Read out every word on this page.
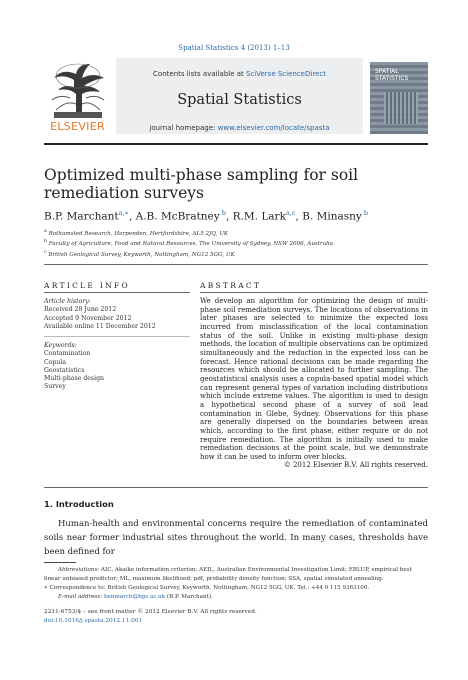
Spatial Statistics 4 (2013) 1–13
ELSEVIER
Contents lists available at SciVerse ScienceDirect
Spatial Statistics
journal homepage: www.elsevier.com/locate/spasta
SPATIAL
STATISTICS
Optimized multi-phase sampling for soil remediation surveys
B.P. Marchant$^{a,∗}$, A.B. McBratney $^b$, R.M. Lark$^{a,c}$, B. Minasny $^b$
$^a$ Rothamsted Research, Harpenden, Hertfordshire, AL5 2JQ, UK
$^b$ Faculty of Agriculture, Food and Natural Resources, The University of Sydney, NSW 2006, Australia
$^c$ British Geological Survey, Keyworth, Nottingham, NG12 5GG, UK
ARTICLE INFO
Article history:
Received 28 June 2012
Accepted 9 November 2012
Available online 11 December 2012
Keywords:
Contamination
Copula
Geostatistics
Multi-phase design
Survey
ABSTRACT
We develop an algorithm for optimizing the design of multi-phase soil remediation surveys. The locations of observations in later phases are selected to minimize the expected loss incurred from misclassification of the local contamination status of the soil. Unlike in existing multi-phase design methods, the location of multiple observations can be optimized simultaneously and the reduction in the expected loss can be forecast. Hence rational decisions can be made regarding the resources which should be allocated to further sampling. The geostatistical analysis uses a copula-based spatial model which can represent general types of variation including distributions which include extreme values. The algorithm is used to design a hypothetical second phase of a survey of soil lead contamination in Glebe, Sydney. Observations for this phase are generally dispersed on the boundaries between areas which, according to the first phase, either require or do not require remediation. The algorithm is initially used to make remediation decisions at the point scale, but we demonstrate how it can be used to inform over blocks.
© 2012 Elsevier B.V. All rights reserved.
1. Introduction
Human-health and environmental concerns require the remediation of contaminated soils near former industrial sites throughout the world. In many cases, thresholds have been defined for
Abbreviations: AIC, Akaike information criterion; AEIL, Australian Environmental Investigation Limit; EBLUP, empirical best linear unbiased predictor; ML, maximum likelihood; pdf, probability density function; SSA, spatial simulated annealing.
∗ Correspondence to: British Geological Survey, Keyworth, Nottingham, NG12 5GG, UK. Tel.: +44 0 115 9363100.
E-mail address: benmarch@bgs.ac.uk (B.P. Marchant).
2211-6753/$ – see front matter © 2012 Elsevier B.V. All rights reserved.
doi:10.1016/j.spasta.2012.11.001
